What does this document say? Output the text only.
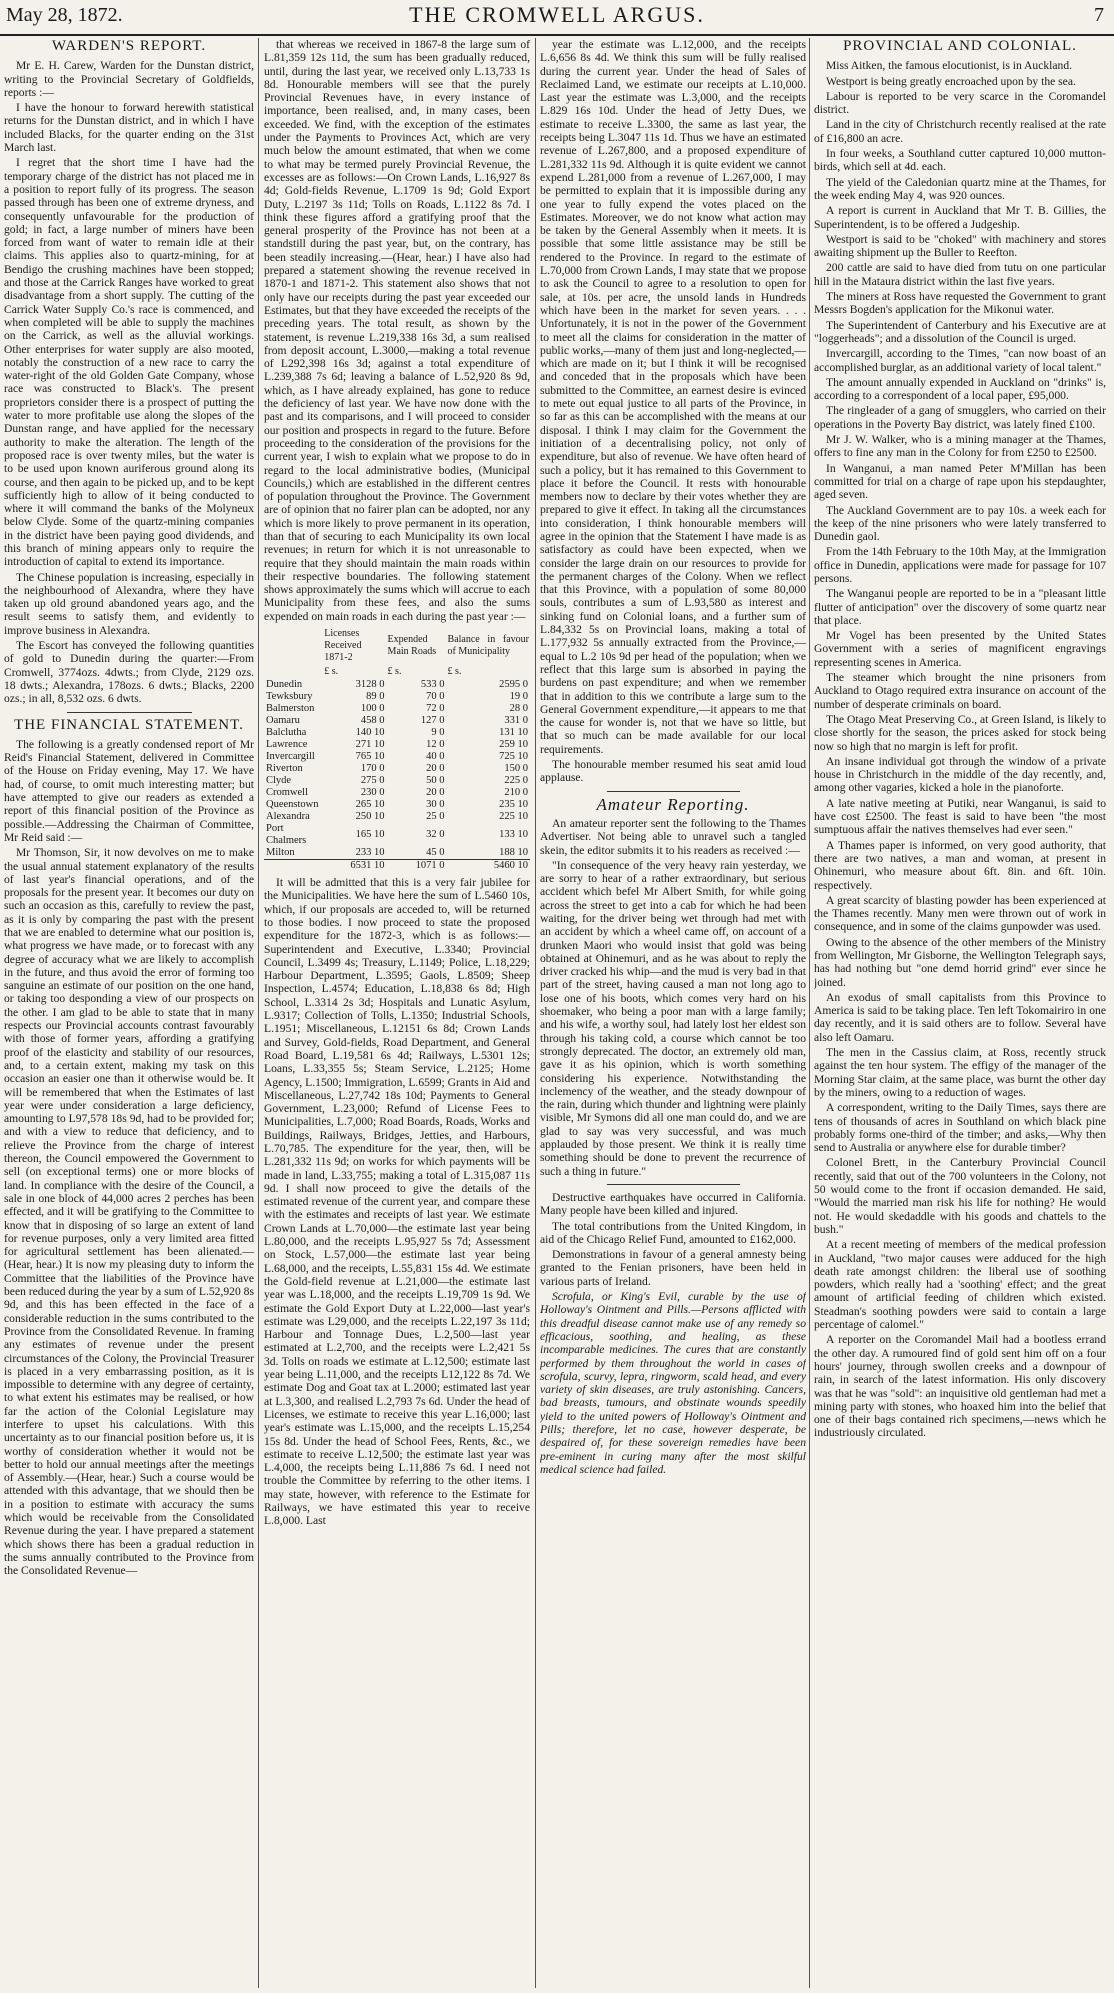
May 28, 1872.	THE CROMWELL ARGUS.	7
WARDEN'S REPORT.

Mr E. H. Carew, Warden for the Dunstan district, writing to the Provincial Secretary of Goldfields, reports :—

I have the honour to forward herewith statistical returns for the Dunstan district, and in which I have included Blacks, for the quarter ending on the 31st March last.

I regret that the short time I have had the temporary charge of the district has not placed me in a position to report fully of its progress. The season passed through has been one of extreme dryness, and consequently unfavourable for the production of gold; in fact, a large number of miners have been forced from want of water to remain idle at their claims. This applies also to quartz-mining, for at Bendigo the crushing machines have been stopped; and those at the Carrick Ranges have worked to great disadvantage from a short supply. The cutting of the Carrick Water Supply Co.'s race is commenced, and when completed will be able to supply the machines on the Carrick, as well as the alluvial workings. Other enterprises for water supply are also mooted, notably the construction of a new race to carry the water-right of the old Golden Gate Company, whose race was constructed to Black's. The present proprietors consider there is a prospect of putting the water to more profitable use along the slopes of the Dunstan range, and have applied for the necessary authority to make the alteration. The length of the proposed race is over twenty miles, but the water is to be used upon known auriferous ground along its course, and then again to be picked up, and to be kept sufficiently high to allow of it being conducted to where it will command the banks of the Molyneux below Clyde. Some of the quartz-mining companies in the district have been paying good dividends, and this branch of mining appears only to require the introduction of capital to extend its importance.

The Chinese population is increasing, especially in the neighbourhood of Alexandra, where they have taken up old ground abandoned years ago, and the result seems to satisfy them, and evidently to improve business in Alexandra.

The Escort has conveyed the following quantities of gold to Dunedin during the quarter:—From Cromwell, 3774ozs. 4dwts.; from Clyde, 2129 ozs. 18 dwts.; Alexandra, 178ozs. 6 dwts.; Blacks, 2200 ozs.; in all, 8,532 ozs. 6 dwts.

THE FINANCIAL STATEMENT.

The following is a greatly condensed report of Mr Reid's Financial Statement, delivered in Committee of the House on Friday evening, May 17. We have had, of course, to omit much interesting matter; but have attempted to give our readers as extended a report of this financial position of the Province as possible.—Addressing the Chairman of Committee, Mr Reid said :—

Mr Thomson, Sir, it now devolves on me to make the usual annual statement explanatory of the results of last year's financial operations, and of the proposals for the present year. It becomes our duty on such an occasion as this, carefully to review the past, as it is only by comparing the past with the present that we are enabled to determine what our position is, what progress we have made, or to forecast with any degree of accuracy what we are likely to accomplish in the future, and thus avoid the error of forming too sanguine an estimate of our position on the one hand, or taking too desponding a view of our prospects on the other. I am glad to be able to state that in many respects our Provincial accounts contrast favourably with those of former years, affording a gratifying proof of the elasticity and stability of our resources, and, to a certain extent, making my task on this occasion an easier one than it otherwise would be. It will be remembered that when the Estimates of last year were under consideration a large deficiency, amounting to L97,578 18s 9d, had to be provided for; and with a view to reduce that deficiency, and to relieve the Province from the charge of interest thereon, the Council empowered the Government to sell (on exceptional terms) one or more blocks of land. In compliance with the desire of the Council, a sale in one block of 44,000 acres 2 perches has been effected, and it will be gratifying to the Committee to know that in disposing of so large an extent of land for revenue purposes, only a very limited area fitted for agricultural settlement has been alienated.—(Hear, hear.) It is now my pleasing duty to inform the Committee that the liabilities of the Province have been reduced during the year by a sum of L.52,920 8s 9d, and this has been effected in the face of a considerable reduction in the sums contributed to the Province from the Consolidated Revenue. In framing any estimates of revenue under the present circumstances of the Colony, the Provincial Treasurer is placed in a very embarrassing position, as it is impossible to determine with any degree of certainty, to what extent his estimates may be realised, or how far the action of the Colonial Legislature may interfere to upset his calculations. With this uncertainty as to our financial position before us, it is worthy of consideration whether it would not be better to hold our annual meetings after the meetings of Assembly.—(Hear, hear.) Such a course would be attended with this advantage, that we should then be in a position to estimate with accuracy the sums which would be receivable from the Consolidated Revenue during the year. I have prepared a statement which shows there has been a gradual reduction in the sums annually contributed to the Province from the Consolidated Revenue—

that whereas we received in 1867-8 the large sum of L.81,359 12s 11d, the sum has been gradually reduced, until, during the last year, we received only L.13,733 1s 8d. Honourable members will see that the purely Provincial Revenues have, in every instance of importance, been realised, and, in many cases, been exceeded. We find, with the exception of the estimates under the Payments to Provinces Act, which are very much below the amount estimated, that when we come to what may be termed purely Provincial Revenue, the excesses are as follows:—On Crown Lands, L.16,927 8s 4d; Gold-fields Revenue, L.1709 1s 9d; Gold Export Duty, L.2197 3s 11d; Tolls on Roads, L.1122 8s 7d. I think these figures afford a gratifying proof that the general prosperity of the Province has not been at a standstill during the past year, but, on the contrary, has been steadily increasing.—(Hear, hear.) I have also had prepared a statement showing the revenue received in 1870-1 and 1871-2. This statement also shows that not only have our receipts during the past year exceeded our Estimates, but that they have exceeded the receipts of the preceding years. The total result, as shown by the statement, is revenue L.219,338 16s 3d, a sum realised from deposit account, L.3000,—making a total revenue of L292,398 16s 3d; against a total expenditure of L.239,388 7s 6d; leaving a balance of L.52,920 8s 9d, which, as I have already explained, has gone to reduce the deficiency of last year. We have now done with the past and its comparisons, and I will proceed to consider our position and prospects in regard to the future. Before proceeding to the consideration of the provisions for the current year, I wish to explain what we propose to do in regard to the local administrative bodies, (Municipal Councils,) which are established in the different centres of population throughout the Province. The Government are of opinion that no fairer plan can be adopted, nor any which is more likely to prove permanent in its operation, than that of securing to each Municipality its own local revenues; in return for which it is not unreasonable to require that they should maintain the main roads within their respective boundaries. The following statement shows approximately the sums which will accrue to each Municipality from these fees, and also the sums expended on main roads in each during the past year :—

	Licenses Received 1871-2	Expended Main Roads	Balance in favour of Municipality
	£ s.	£ s.	£ s.
Dunedin	3128 0	533 0	2595 0
Tewksbury	89 0	70 0	19 0
Balmerston	100 0	72 0	28 0
Oamaru	458 0	127 0	331 0
Balclutha	140 10	9 0	131 10
Lawrence	271 10	12 0	259 10
Invercargill	765 10	40 0	725 10
Riverton	170 0	20 0	150 0
Clyde	275 0	50 0	225 0
Cromwell	230 0	20 0	210 0
Queenstown	265 10	30 0	235 10
Alexandra	250 10	25 0	225 10
Port Chalmers	165 10	32 0	133 10
Milton	233 10	45 0	188 10
	6531 10	1071 0	5460 10

It will be admitted that this is a very fair jubilee for the Municipalities. We have here the sum of L.5460 10s, which, if our proposals are acceded to, will be returned to those bodies. I now proceed to state the proposed expenditure for the 1872-3, which is as follows:—Superintendent and Executive, L.3340; Provincial Council, L.3499 4s; Treasury, L.1149; Police, L.18,229; Harbour Department, L.3595; Gaols, L.8509; Sheep Inspection, L.4574; Education, L.18,838 6s 8d; High School, L.3314 2s 3d; Hospitals and Lunatic Asylum, L.9317; Collection of Tolls, L.1350; Industrial Schools, L.1951; Miscellaneous, L.12151 6s 8d; Crown Lands and Survey, Gold-fields, Road Department, and General Road Board, L.19,581 6s 4d; Railways, L.5301 12s; Loans, L.33,355 5s; Steam Service, L.2125; Home Agency, L.1500; Immigration, L.6599; Grants in Aid and Miscellaneous, L.27,742 18s 10d; Payments to General Government, L.23,000; Refund of License Fees to Municipalities, L.7,000; Road Boards, Roads, Works and Buildings, Railways, Bridges, Jetties, and Harbours, L.70,785. The expenditure for the year, then, will be L.281,332 11s 9d; on works for which payments will be made in land, L.33,755; making a total of L.315,087 11s 9d. I shall now proceed to give the details of the estimated revenue of the current year, and compare these with the estimates and receipts of last year. We estimate Crown Lands at L.70,000—the estimate last year being L.80,000, and the receipts L.95,927 5s 7d; Assessment on Stock, L.57,000—the estimate last year being L.68,000, and the receipts, L.55,831 15s 4d. We estimate the Gold-field revenue at L.21,000—the estimate last year was L.18,000, and the receipts L.19,709 1s 9d. We estimate the Gold Export Duty at L.22,000—last year's estimate was L29,000, and the receipts L.22,197 3s 11d; Harbour and Tonnage Dues, L.2,500—last year estimated at L.2,700, and the receipts were L.2,421 5s 3d. Tolls on roads we estimate at L.12,500; estimate last year being L.11,000, and the receipts L12,122 8s 7d. We estimate Dog and Goat tax at L.2000; estimated last year at L.3,300, and realised L.2,793 7s 6d. Under the head of Licenses, we estimate to receive this year L.16,000; last year's estimate was L.15,000, and the receipts L.15,254 15s 8d. Under the head of School Fees, Rents, &c., we estimate to receive L.12,500; the estimate last year was L.4,000, the receipts being L.11,886 7s 6d. I need not trouble the Committee by referring to the other items. I may state, however, with reference to the Estimate for Railways, we have estimated this year to receive L.8,000. Last

year the estimate was L.12,000, and the receipts L.6,656 8s 4d. We think this sum will be fully realised during the current year. Under the head of Sales of Reclaimed Land, we estimate our receipts at L.10,000. Last year the estimate was L.3,000, and the receipts L.829 16s 10d. Under the head of Jetty Dues, we estimate to receive L.3300, the same as last year, the receipts being L.3047 11s 1d. Thus we have an estimated revenue of L.267,800, and a proposed expenditure of L.281,332 11s 9d. Although it is quite evident we cannot expend L.281,000 from a revenue of L.267,000, I may be permitted to explain that it is impossible during any one year to fully expend the votes placed on the Estimates. Moreover, we do not know what action may be taken by the General Assembly when it meets. It is possible that some little assistance may be still be rendered to the Province. In regard to the estimate of L.70,000 from Crown Lands, I may state that we propose to ask the Council to agree to a resolution to open for sale, at 10s. per acre, the unsold lands in Hundreds which have been in the market for seven years. . . . Unfortunately, it is not in the power of the Government to meet all the claims for consideration in the matter of public works,—many of them just and long-neglected,—which are made on it; but I think it will be recognised and conceded that in the proposals which have been submitted to the Committee, an earnest desire is evinced to mete out equal justice to all parts of the Province, in so far as this can be accomplished with the means at our disposal. I think I may claim for the Government the initiation of a decentralising policy, not only of expenditure, but also of revenue. We have often heard of such a policy, but it has remained to this Government to place it before the Council. It rests with honourable members now to declare by their votes whether they are prepared to give it effect. In taking all the circumstances into consideration, I think honourable members will agree in the opinion that the Statement I have made is as satisfactory as could have been expected, when we consider the large drain on our resources to provide for the permanent charges of the Colony. When we reflect that this Province, with a population of some 80,000 souls, contributes a sum of L.93,580 as interest and sinking fund on Colonial loans, and a further sum of L.84,332 5s on Provincial loans, making a total of L.177,932 5s annually extracted from the Province,—equal to L.2 10s 9d per head of the population; when we reflect that this large sum is absorbed in paying the burdens on past expenditure; and when we remember that in addition to this we contribute a large sum to the General Government expenditure,—it appears to me that the cause for wonder is, not that we have so little, but that so much can be made available for our local requirements.

The honourable member resumed his seat amid loud applause.

Amateur Reporting.

An amateur reporter sent the following to the Thames Advertiser. Not being able to unravel such a tangled skein, the editor submits it to his readers as received :—

"In consequence of the very heavy rain yesterday, we are sorry to hear of a rather extraordinary, but serious accident which befel Mr Albert Smith, for while going across the street to get into a cab for which he had been waiting, for the driver being wet through had met with an accident by which a wheel came off, on account of a drunken Maori who would insist that gold was being obtained at Ohinemuri, and as he was about to reply the driver cracked his whip—and the mud is very bad in that part of the street, having caused a man not long ago to lose one of his boots, which comes very hard on his shoemaker, who being a poor man with a large family; and his wife, a worthy soul, had lately lost her eldest son through his taking cold, a course which cannot be too strongly deprecated. The doctor, an extremely old man, gave it as his opinion, which is worth something considering his experience. Notwithstanding the inclemency of the weather, and the steady downpour of the rain, during which thunder and lightning were plainly visible, Mr Symons did all one man could do, and we are glad to say was very successful, and was much applauded by those present. We think it is really time something should be done to prevent the recurrence of such a thing in future."

Destructive earthquakes have occurred in California. Many people have been killed and injured.

The total contributions from the United Kingdom, in aid of the Chicago Relief Fund, amounted to £162,000.

Demonstrations in favour of a general amnesty being granted to the Fenian prisoners, have been held in various parts of Ireland.

Scrofula, or King's Evil, curable by the use of Holloway's Ointment and Pills.—Persons afflicted with this dreadful disease cannot make use of any remedy so efficacious, soothing, and healing, as these incomparable medicines. The cures that are constantly performed by them throughout the world in cases of scrofula, scurvy, lepra, ringworm, scald head, and every variety of skin diseases, are truly astonishing. Cancers, bad breasts, tumours, and obstinate wounds speedily yield to the united powers of Holloway's Ointment and Pills; therefore, let no case, however desperate, be despaired of, for these sovereign remedies have been pre-eminent in curing many after the most skilful medical science had failed.

PROVINCIAL AND COLONIAL.

Miss Aitken, the famous elocutionist, is in Auckland.

Westport is being greatly encroached upon by the sea.

Labour is reported to be very scarce in the Coromandel district.

Land in the city of Christchurch recently realised at the rate of £16,800 an acre.

In four weeks, a Southland cutter captured 10,000 mutton-birds, which sell at 4d. each.

The yield of the Caledonian quartz mine at the Thames, for the week ending May 4, was 920 ounces.

A report is current in Auckland that Mr T. B. Gillies, the Superintendent, is to be offered a Judgeship.

Westport is said to be "choked" with machinery and stores awaiting shipment up the Buller to Reefton.

200 cattle are said to have died from tutu on one particular hill in the Mataura district within the last five years.

The miners at Ross have requested the Government to grant Messrs Bogden's application for the Mikonui water.

The Superintendent of Canterbury and his Executive are at "loggerheads"; and a dissolution of the Council is urged.

Invercargill, according to the Times, "can now boast of an accomplished burglar, as an additional variety of local talent."

The amount annually expended in Auckland on "drinks" is, according to a correspondent of a local paper, £95,000.

The ringleader of a gang of smugglers, who carried on their operations in the Poverty Bay district, was lately fined £100.

Mr J. W. Walker, who is a mining manager at the Thames, offers to fine any man in the Colony for from £250 to £2500.

In Wanganui, a man named Peter M'Millan has been committed for trial on a charge of rape upon his stepdaughter, aged seven.

The Auckland Government are to pay 10s. a week each for the keep of the nine prisoners who were lately transferred to Dunedin gaol.

From the 14th February to the 10th May, at the Immigration office in Dunedin, applications were made for passage for 107 persons.

The Wanganui people are reported to be in a "pleasant little flutter of anticipation" over the discovery of some quartz near that place.

Mr Vogel has been presented by the United States Government with a series of magnificent engravings representing scenes in America.

The steamer which brought the nine prisoners from Auckland to Otago required extra insurance on account of the number of desperate criminals on board.

The Otago Meat Preserving Co., at Green Island, is likely to close shortly for the season, the prices asked for stock being now so high that no margin is left for profit.

An insane individual got through the window of a private house in Christchurch in the middle of the day recently, and, among other vagaries, kicked a hole in the pianoforte.

A late native meeting at Putiki, near Wanganui, is said to have cost £2500. The feast is said to have been "the most sumptuous affair the natives themselves had ever seen."

A Thames paper is informed, on very good authority, that there are two natives, a man and woman, at present in Ohinemuri, who measure about 6ft. 8in. and 6ft. 10in. respectively.

A great scarcity of blasting powder has been experienced at the Thames recently. Many men were thrown out of work in consequence, and in some of the claims gunpowder was used.

Owing to the absence of the other members of the Ministry from Wellington, Mr Gisborne, the Wellington Telegraph says, has had nothing but "one demd horrid grind" ever since he joined.

An exodus of small capitalists from this Province to America is said to be taking place. Ten left Tokomairiro in one day recently, and it is said others are to follow. Several have also left Oamaru.

The men in the Cassius claim, at Ross, recently struck against the ten hour system. The effigy of the manager of the Morning Star claim, at the same place, was burnt the other day by the miners, owing to a reduction of wages.

A correspondent, writing to the Daily Times, says there are tens of thousands of acres in Southland on which black pine probably forms one-third of the timber; and asks,—Why then send to Australia or anywhere else for durable timber?

Colonel Brett, in the Canterbury Provincial Council recently, said that out of the 700 volunteers in the Colony, not 50 would come to the front if occasion demanded. He said, "Would the married man risk his life for nothing? He would not. He would skedaddle with his goods and chattels to the bush."

At a recent meeting of members of the medical profession in Auckland, "two major causes were adduced for the high death rate amongst children: the liberal use of soothing powders, which really had a 'soothing' effect; and the great amount of artificial feeding of children which existed. Steadman's soothing powders were said to contain a large percentage of calomel."

A reporter on the Coromandel Mail had a bootless errand the other day. A rumoured find of gold sent him off on a four hours' journey, through swollen creeks and a downpour of rain, in search of the latest information. His only discovery was that he was "sold": an inquisitive old gentleman had met a mining party with stones, who hoaxed him into the belief that one of their bags contained rich specimens,—news which he industriously circulated.
